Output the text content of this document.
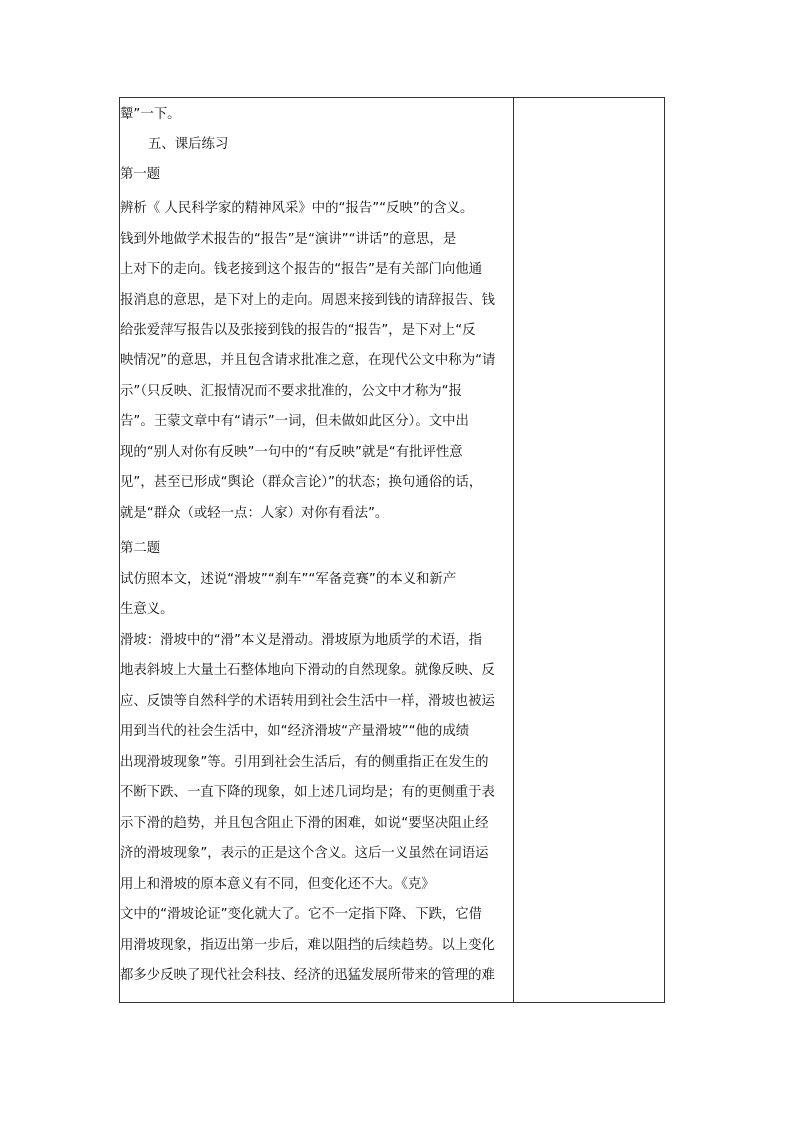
颦”一下。
五、课后练习
第一题
辨析《 人民科学家的精神风采》中的“报告”“反映”的含义。
钱到外地做学术报告的“报告”是“演讲”“讲话”的意思，是
上对下的走向。钱老接到这个报告的“报告”是有关部门向他通
报消息的意思，是下对上的走向。周恩来接到钱的请辞报告、钱
给张爱萍写报告以及张接到钱的报告的“报告”，是下对上“反
映情况”的意思，并且包含请求批准之意，在现代公文中称为“请
示”（只反映、汇报情况而不要求批准的，公文中才称为“报
告”。王蒙文章中有“请示”一词，但未做如此区分）。文中出
现的“别人对你有反映”一句中的“有反映”就是“有批评性意
见”，甚至已形成“舆论（群众言论）”的状态；换句通俗的话，
就是“群众（或轻一点：人家）对你有看法”。
第二题
试仿照本文，述说“滑坡”“刹车”“军备竞赛”的本义和新产
生意义。
滑坡：滑坡中的“滑”本义是滑动。滑坡原为地质学的术语，指
地表斜坡上大量土石整体地向下滑动的自然现象。就像反映、反
应、反馈等自然科学的术语转用到社会生活中一样，滑坡也被运
用到当代的社会生活中，如“经济滑坡“产量滑坡”“他的成绩
出现滑坡现象”等。引用到社会生活后，有的侧重指正在发生的
不断下跌、一直下降的现象，如上述几词均是；有的更侧重于表
示下滑的趋势，并且包含阻止下滑的困难，如说“要坚决阻止经
济的滑坡现象”，表示的正是这个含义。这后一义虽然在词语运
用上和滑坡的原本意义有不同，但变化还不大。《克》
文中的“滑坡论证”变化就大了。它不一定指下降、下跌，它借
用滑坡现象，指迈出第一步后，难以阻挡的后续趋势。以上变化
都多少反映了现代社会科技、经济的迅猛发展所带来的管理的难
